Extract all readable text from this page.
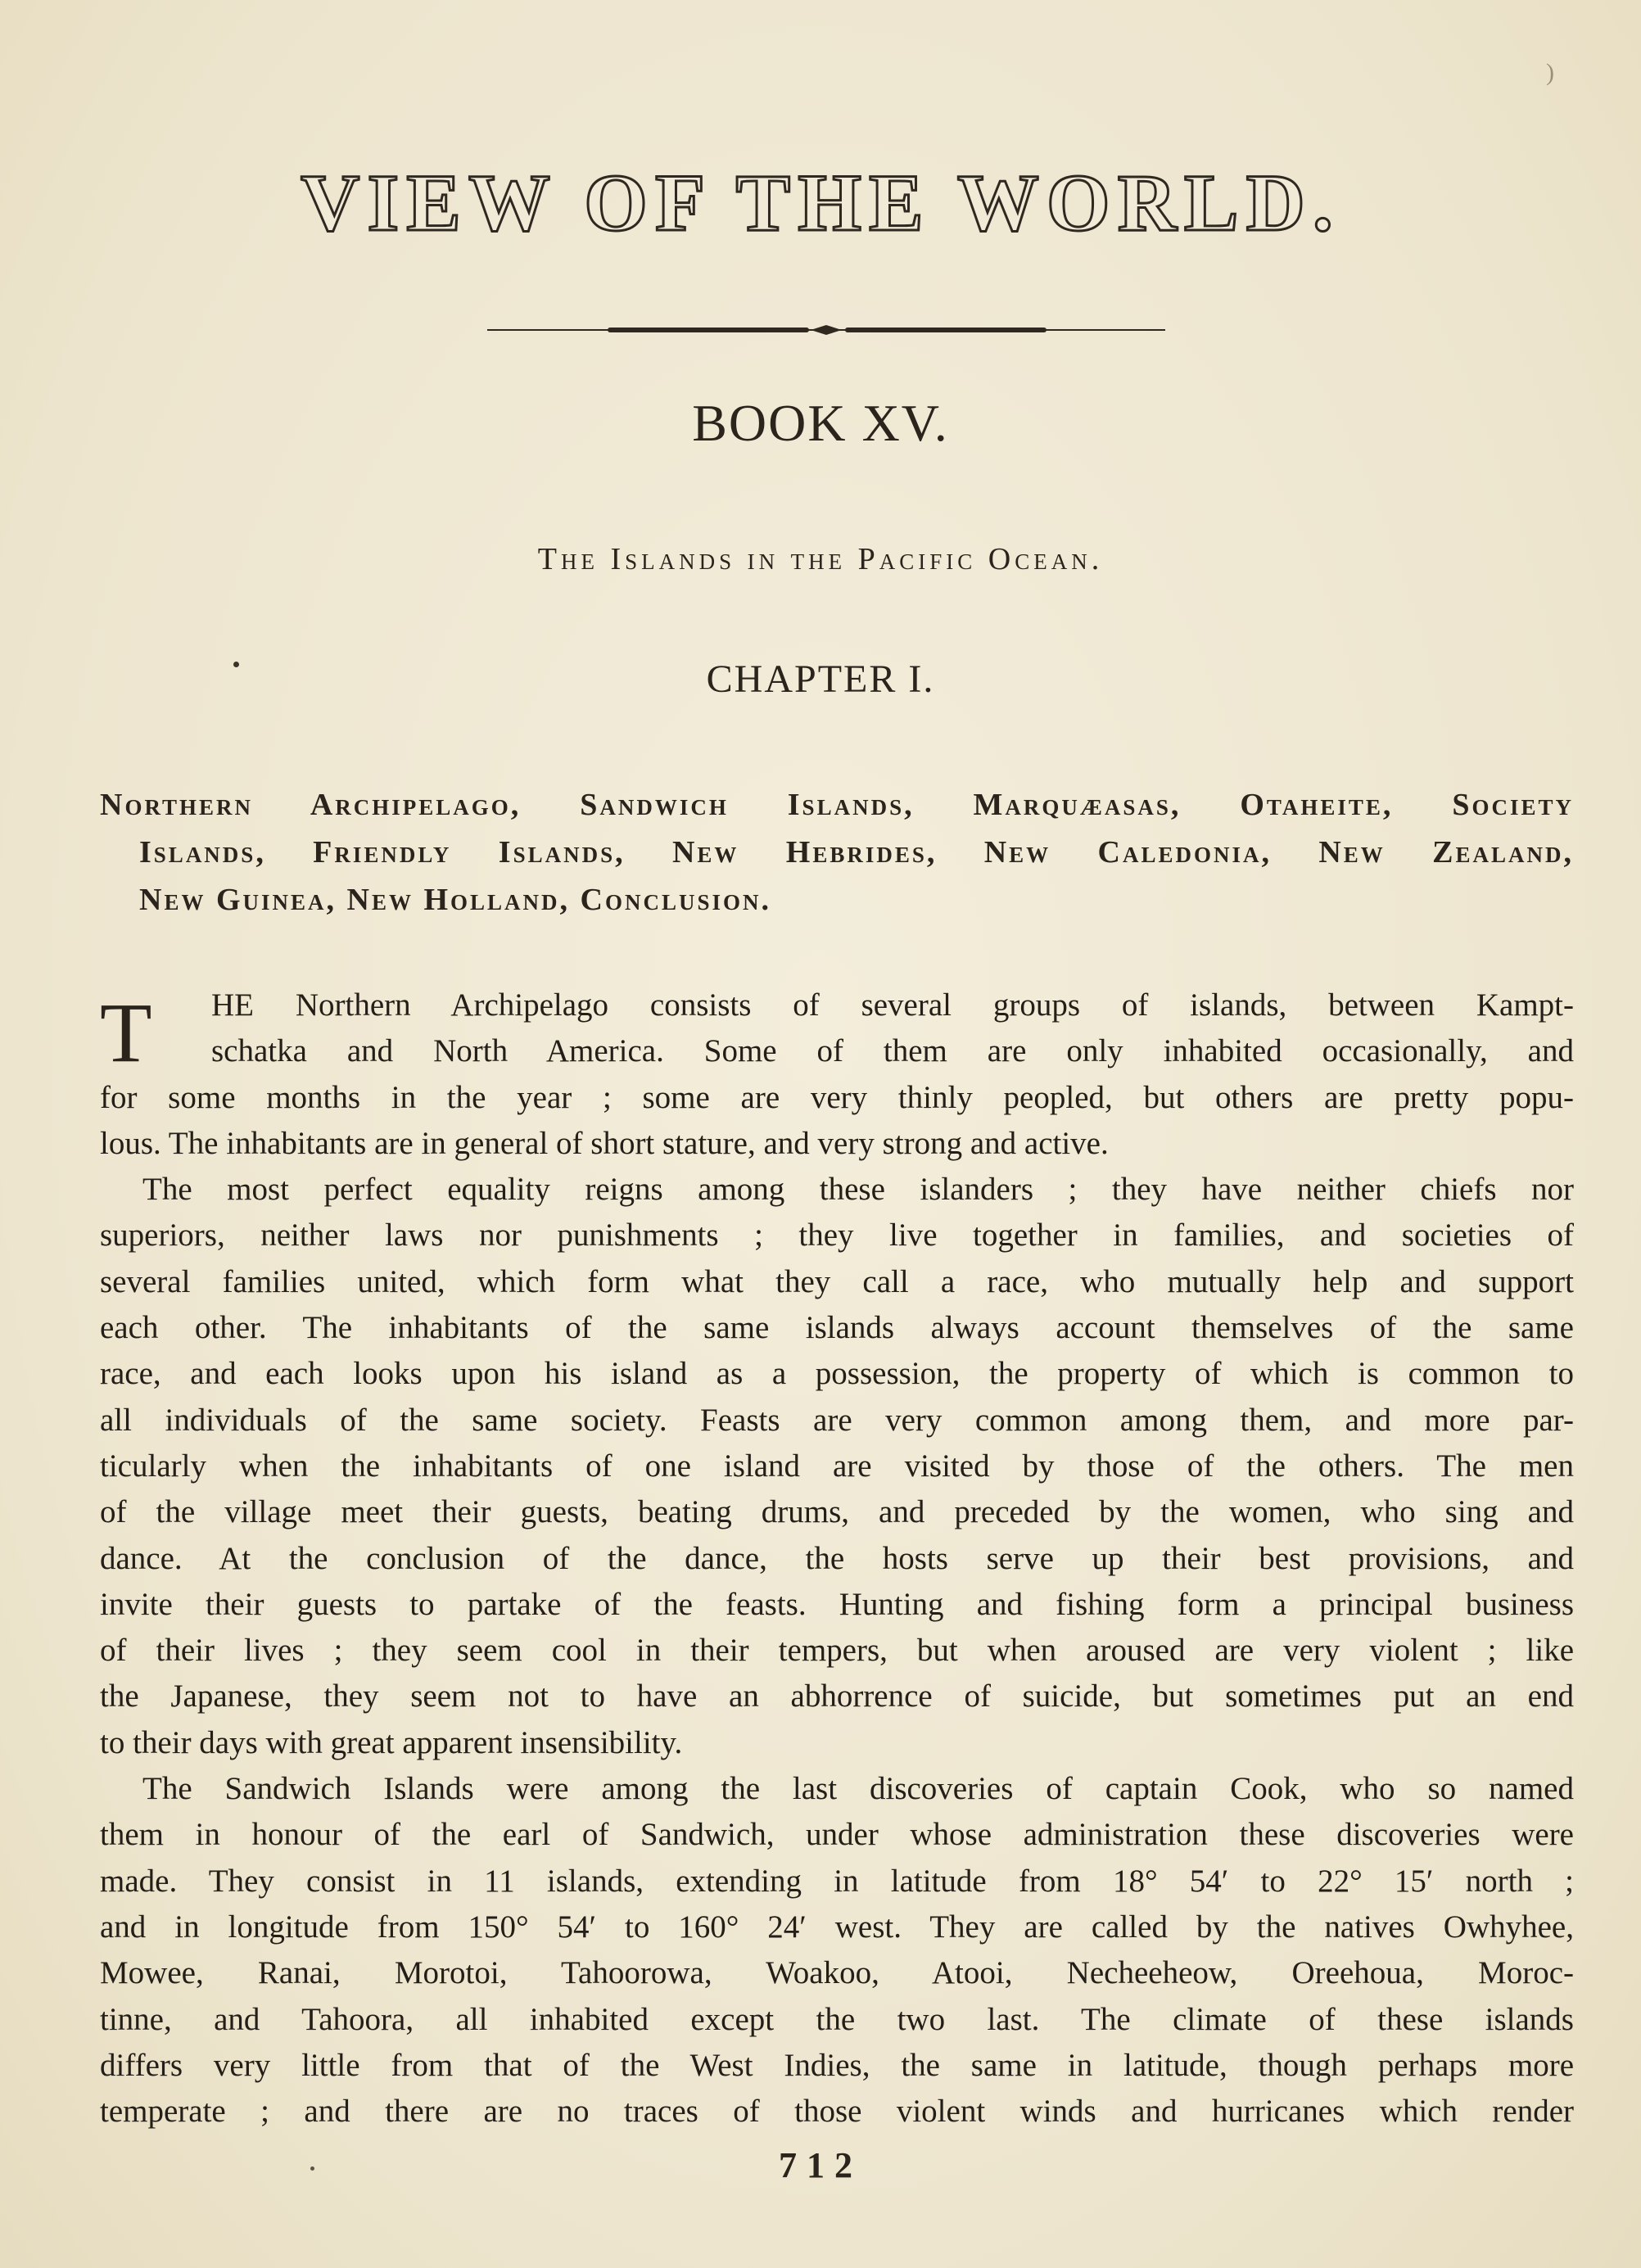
)
VIEW OF THE WORLD.
BOOK XV.
The Islands in the Pacific Ocean.
CHAPTER I.
Northern Archipelago, Sandwich Islands, Marquæasas, Otaheite, Society
Islands, Friendly Islands, New Hebrides, New Caledonia, New Zealand,
New Guinea, New Holland, Conclusion.
T	HE Northern Archipelago consists of several groups of islands, between Kampt-
schatka and North America. Some of them are only inhabited occasionally, and
for some months in the year ; some are very thinly peopled, but others are pretty popu-
lous. The inhabitants are in general of short stature, and very strong and active.
The most perfect equality reigns among these islanders ; they have neither chiefs nor
superiors, neither laws nor punishments ; they live together in families, and societies of
several families united, which form what they call a race, who mutually help and support
each other. The inhabitants of the same islands always account themselves of the same
race, and each looks upon his island as a possession, the property of which is common to
all individuals of the same society. Feasts are very common among them, and more par-
ticularly when the inhabitants of one island are visited by those of the others. The men
of the village meet their guests, beating drums, and preceded by the women, who sing and
dance. At the conclusion of the dance, the hosts serve up their best provisions, and
invite their guests to partake of the feasts. Hunting and fishing form a principal business
of their lives ; they seem cool in their tempers, but when aroused are very violent ; like
the Japanese, they seem not to have an abhorrence of suicide, but sometimes put an end
to their days with great apparent insensibility.
The Sandwich Islands were among the last discoveries of captain Cook, who so named
them in honour of the earl of Sandwich, under whose administration these discoveries were
made. They consist in 11 islands, extending in latitude from 18° 54′ to 22° 15′ north ;
and in longitude from 150° 54′ to 160° 24′ west. They are called by the natives Owhyhee,
Mowee, Ranai, Morotoi, Tahoorowa, Woakoo, Atooi, Necheeheow, Oreehoua, Moroc-
tinne, and Tahoora, all inhabited except the two last. The climate of these islands
differs very little from that of the West Indies, the same in latitude, though perhaps more
temperate ; and there are no traces of those violent winds and hurricanes which render
712
